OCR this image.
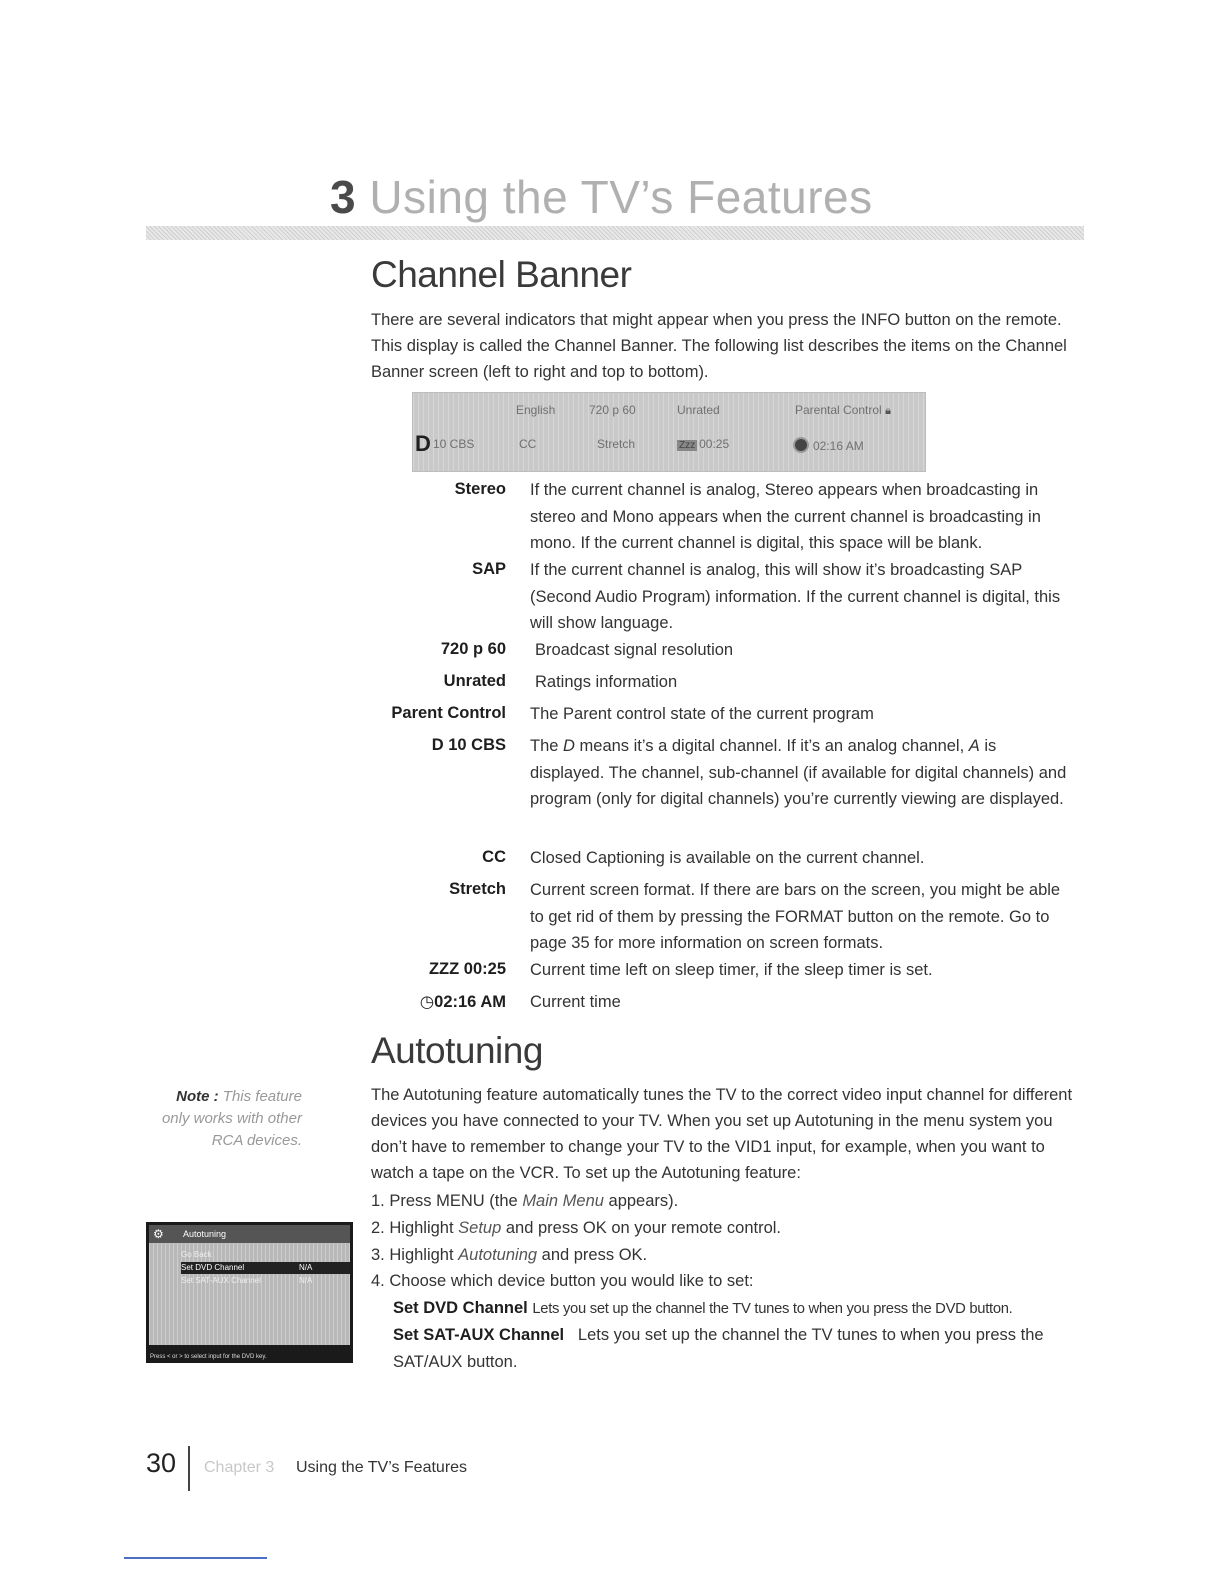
3 Using the TV’s Features
Channel Banner
There are several indicators that might appear when you press the INFO button on the remote. This display is called the Channel Banner. The following list describes the items on the Channel Banner screen (left to right and top to bottom).
English	720 p 60	Unrated	Parental Control 🔒︎
D 10 CBS	CC	Stretch	Zzz 00:25	02:16 AM
Stereo If the current channel is analog, Stereo appears when broadcasting in stereo and Mono appears when the current channel is broadcasting in mono. If the current channel is digital, this space will be blank.
SAP If the current channel is analog, this will show it’s broadcasting SAP (Second Audio Program) information. If the current channel is digital, this will show language.
720 p 60 Broadcast signal resolution
Unrated Ratings information
Parent Control The Parent control state of the current program
D 10 CBS The D means it’s a digital channel. If it’s an analog channel, A is displayed. The channel, sub-channel (if available for digital channels) and program (only for digital channels) you’re currently viewing are displayed.
CC Closed Captioning is available on the current channel.
Stretch Current screen format. If there are bars on the screen, you might be able to get rid of them by pressing the FORMAT button on the remote. Go to page 35 for more information on screen formats.
ZZZ 00:25 Current time left on sleep timer, if the sleep timer is set.
◷02:16 AM Current time
Autotuning
Note : This feature only works with other RCA devices.
Autotuning
⚙
Go Back
Set DVD Channel	N/A
Set SAT-AUX Channel	N/A
Press < or > to select input for the DVD key.
The Autotuning feature automatically tunes the TV to the correct video input channel for different devices you have connected to your TV. When you set up Autotuning in the menu system you don’t have to remember to change your TV to the VID1 input, for example, when you want to watch a tape on the VCR. To set up the Autotuning feature:
1. Press MENU (the Main Menu appears).
2. Highlight Setup and press OK on your remote control.
3. Highlight Autotuning and press OK.
4. Choose which device button you would like to set:
Set DVD Channel Lets you set up the channel the TV tunes to when you press the DVD button.
Set SAT-AUX Channel Lets you set up the channel the TV tunes to when you press the SAT/AUX button.
30 Chapter 3 Using the TV’s Features
